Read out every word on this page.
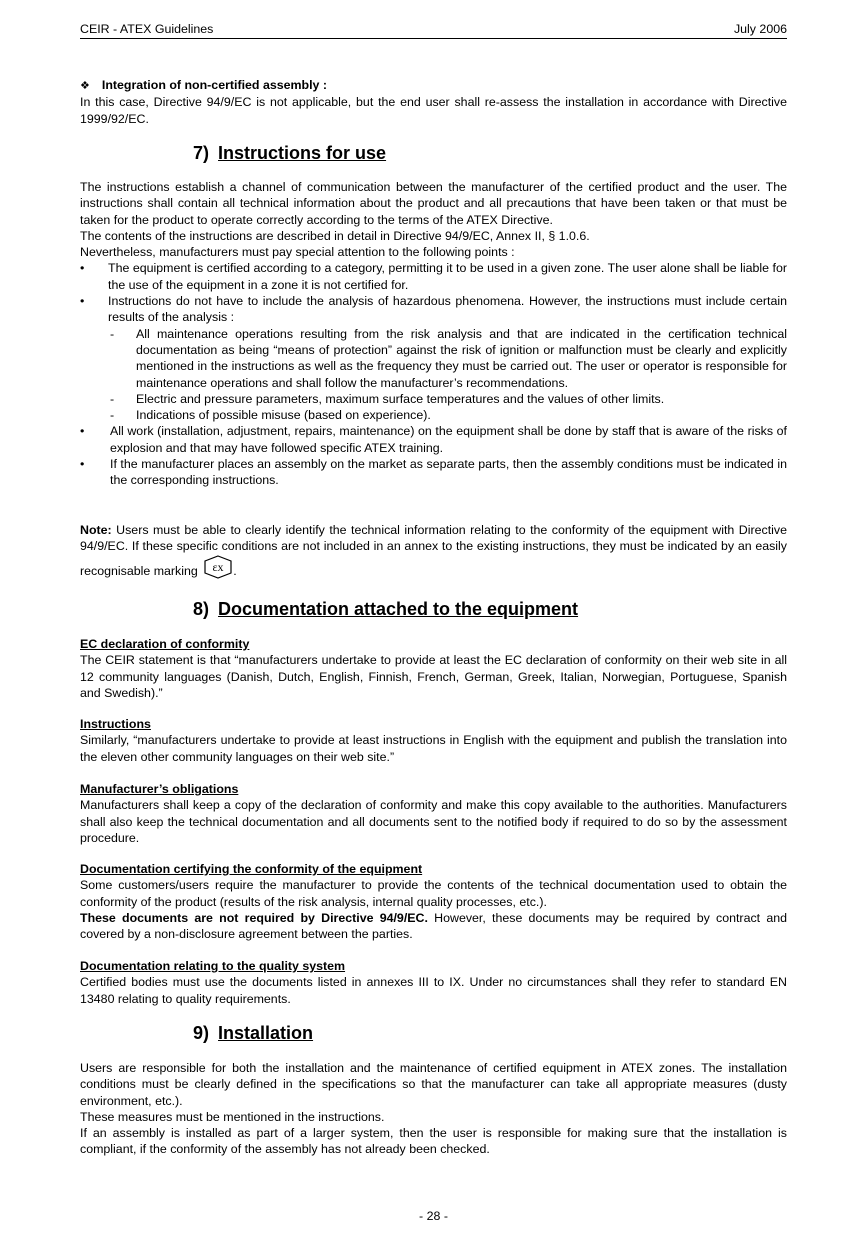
CEIR - ATEX Guidelines	July 2006

❖ Integration of non-certified assembly :

In this case, Directive 94/9/EC is not applicable, but the end user shall re-assess the installation in accordance with Directive 1999/92/EC.

7) Instructions for use

The instructions establish a channel of communication between the manufacturer of the certified product and the user. The instructions shall contain all technical information about the product and all precautions that have been taken or that must be taken for the product to operate correctly according to the terms of the ATEX Directive.

The contents of the instructions are described in detail in Directive 94/9/EC, Annex II, § 1.0.6.

Nevertheless, manufacturers must pay special attention to the following points :

• The equipment is certified according to a category, permitting it to be used in a given zone. The user alone shall be liable for the use of the equipment in a zone it is not certified for.
• Instructions do not have to include the analysis of hazardous phenomena. However, the instructions must include certain results of the analysis :
- All maintenance operations resulting from the risk analysis and that are indicated in the certification technical documentation as being “means of protection” against the risk of ignition or malfunction must be clearly and explicitly mentioned in the instructions as well as the frequency they must be carried out. The user or operator is responsible for maintenance operations and shall follow the manufacturer’s recommendations.
- Electric and pressure parameters, maximum surface temperatures and the values of other limits.
- Indications of possible misuse (based on experience).
• All work (installation, adjustment, repairs, maintenance) on the equipment shall be done by staff that is aware of the risks of explosion and that may have followed specific ATEX training.
• If the manufacturer places an assembly on the market as separate parts, then the assembly conditions must be indicated in the corresponding instructions.

Note: Users must be able to clearly identify the technical information relating to the conformity of the equipment with Directive 94/9/EC. If these specific conditions are not included in an annex to the existing instructions, they must be indicated by an easily recognisable marking εx .

8) Documentation attached to the equipment

EC declaration of conformity

The CEIR statement is that “manufacturers undertake to provide at least the EC declaration of conformity on their web site in all 12 community languages (Danish, Dutch, English, Finnish, French, German, Greek, Italian, Norwegian, Portuguese, Spanish and Swedish).”

Instructions

Similarly, “manufacturers undertake to provide at least instructions in English with the equipment and publish the translation into the eleven other community languages on their web site.”

Manufacturer’s obligations

Manufacturers shall keep a copy of the declaration of conformity and make this copy available to the authorities. Manufacturers shall also keep the technical documentation and all documents sent to the notified body if required to do so by the assessment procedure.

Documentation certifying the conformity of the equipment

Some customers/users require the manufacturer to provide the contents of the technical documentation used to obtain the conformity of the product (results of the risk analysis, internal quality processes, etc.).

These documents are not required by Directive 94/9/EC. However, these documents may be required by contract and covered by a non-disclosure agreement between the parties.

Documentation relating to the quality system

Certified bodies must use the documents listed in annexes III to IX. Under no circumstances shall they refer to standard EN 13480 relating to quality requirements.

9) Installation

Users are responsible for both the installation and the maintenance of certified equipment in ATEX zones. The installation conditions must be clearly defined in the specifications so that the manufacturer can take all appropriate measures (dusty environment, etc.).

These measures must be mentioned in the instructions.

If an assembly is installed as part of a larger system, then the user is responsible for making sure that the installation is compliant, if the conformity of the assembly has not already been checked.

- 28 -
